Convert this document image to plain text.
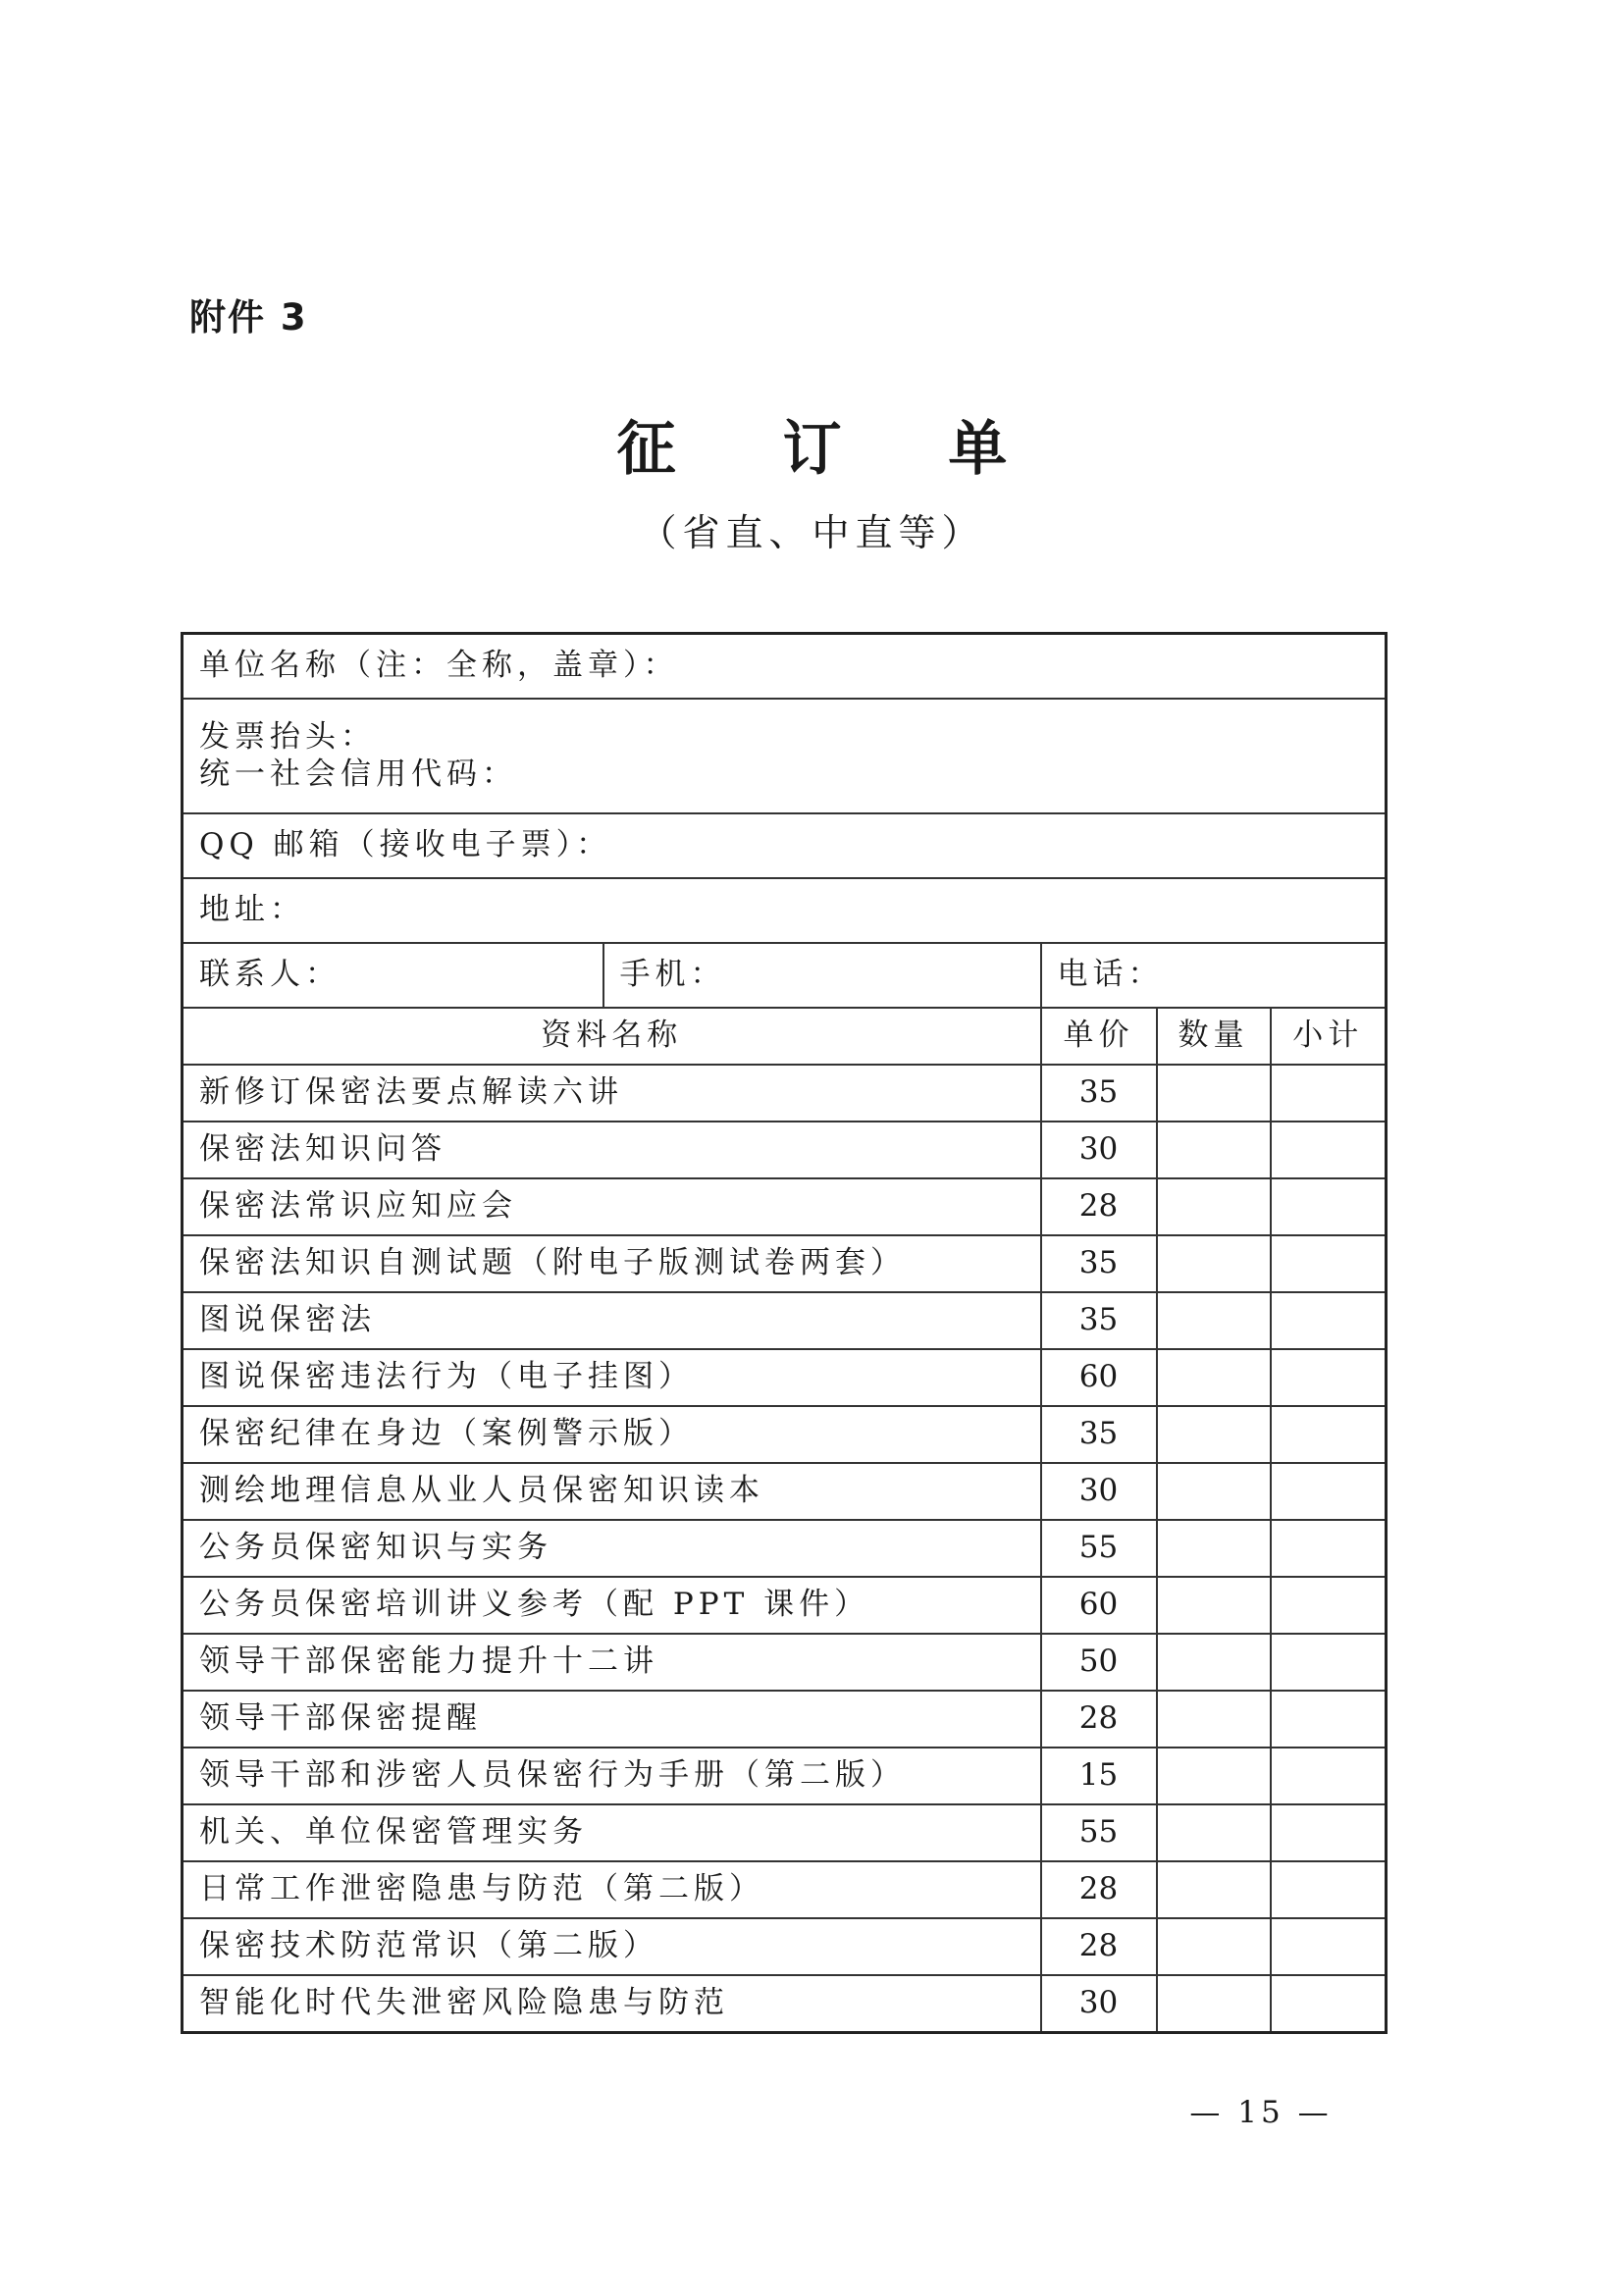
附件 3
征 订 单
（省直、中直等）
单位名称（注：全称，盖章）：				

发票抬头：
统一社会信用代码：				

QQ 邮箱（接收电子票）：				
地址：				
联系人：	手机：	电话：		
资料名称		单价	数量	小计
新修订保密法要点解读六讲		35		
保密法知识问答		30		
保密法常识应知应会		28		
保密法知识自测试题（附电子版测试卷两套）		35		
图说保密法		35		
图说保密违法行为（电子挂图）		60		
保密纪律在身边（案例警示版）		35		
测绘地理信息从业人员保密知识读本		30		
公务员保密知识与实务		55		
公务员保密培训讲义参考（配 PPT 课件）		60		
领导干部保密能力提升十二讲		50		
领导干部保密提醒		28		
领导干部和涉密人员保密行为手册（第二版）		15		
机关、单位保密管理实务		55		
日常工作泄密隐患与防范（第二版）		28		
保密技术防范常识（第二版）		28		
智能化时代失泄密风险隐患与防范		30		
— 15 —
